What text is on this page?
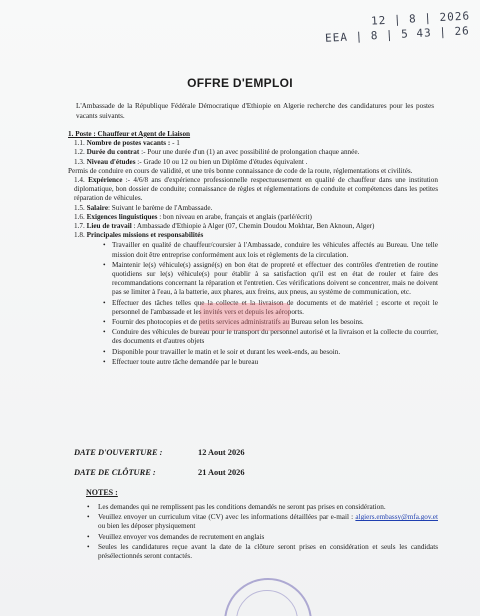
12 | 8 | 2026
EEA | 8 | 5 43 | 26
OFFRE D'EMPLOI
L'Ambassade de la République Fédérale Démocratique d'Ethiopie en Algerie recherche des candidatures pour les postes vacants suivants.
1. Poste : Chauffeur et Agent de Liaison
1.1. Nombre de postes vacants : - 1
1.2. Durée du contrat :- Pour une durée d'un (1) an avec possibilité de prolongation chaque année.
1.3. Niveau d'études :- Grade 10 ou 12 ou bien un Diplôme d'études équivalent .
Permis de conduire en cours de validité, et une très bonne connaissance de code de la route, réglementations et civilités.
1.4. Expérience :- 4/6/8 ans d'expérience professionnelle respectueusement en qualité de chauffeur dans une institution diplomatique, bon dossier de conduite; connaissance de règles et réglementations de conduite et compétences dans les petites réparation de véhicules.
1.5. Salaire: Suivant le barème de l'Ambassade.
1.6. Exigences linguistiques : bon niveau en arabe, français et anglais (parlé/écrit)
1.7. Lieu de travail : Ambassade d'Ethiopie à Alger (07, Chemin Doudou Mokhtar, Ben Aknoun, Alger)
1.8. Principales missions et responsabilités
• Travailler en qualité de chauffeur/coursier à l'Ambassade, conduire les véhicules affectés au Bureau. Une telle mission doit être entreprise conformément aux lois et règlements de la circulation.
• Maintenir le(s) véhicule(s) assigné(s) en bon état de propreté et effectuer des contrôles d'entretien de routine quotidiens sur le(s) véhicule(s) pour établir à sa satisfaction qu'il est en état de rouler et faire des recommandations concernant la réparation et l'entretien. Ces vérifications doivent se concentrer, mais ne doivent pas se limiter à l'eau, à la batterie, aux phares, aux freins, aux pneus, au système de communication, etc.
• Effectuer des tâches telles que la collecte et la livraison de documents et de matériel ; escorte et reçoit le personnel de l'ambassade et les invités vers et depuis les aéroports.
• Fournir des photocopies et de petits services administratifs au Bureau selon les besoins.
• Conduire des véhicules de bureau pour le transport du personnel autorisé et la livraison et la collecte du courrier, des documents et d'autres objets
• Disponible pour travailler le matin et le soir et durant les week-ends, au besoin.
• Effectuer toute autre tâche demandée par le bureau
DATE D'OUVERTURE :	12 Aout 2026
DATE DE CLÔTURE :	21 Aout 2026
NOTES :
• Les demandes qui ne remplissent pas les conditions demandés ne seront pas prises en considération.
• Veuillez envoyer un curriculum vitae (CV) avec les informations détaillées par e-mail : algiers.embassy@mfa.gov.et ou bien les déposer physiquement
• Veuillez envoyer vos demandes de recrutement en anglais
• Seules les candidatures reçue avant la date de la clôture seront prises en considération et seuls les candidats présélectionnés seront contactés.
